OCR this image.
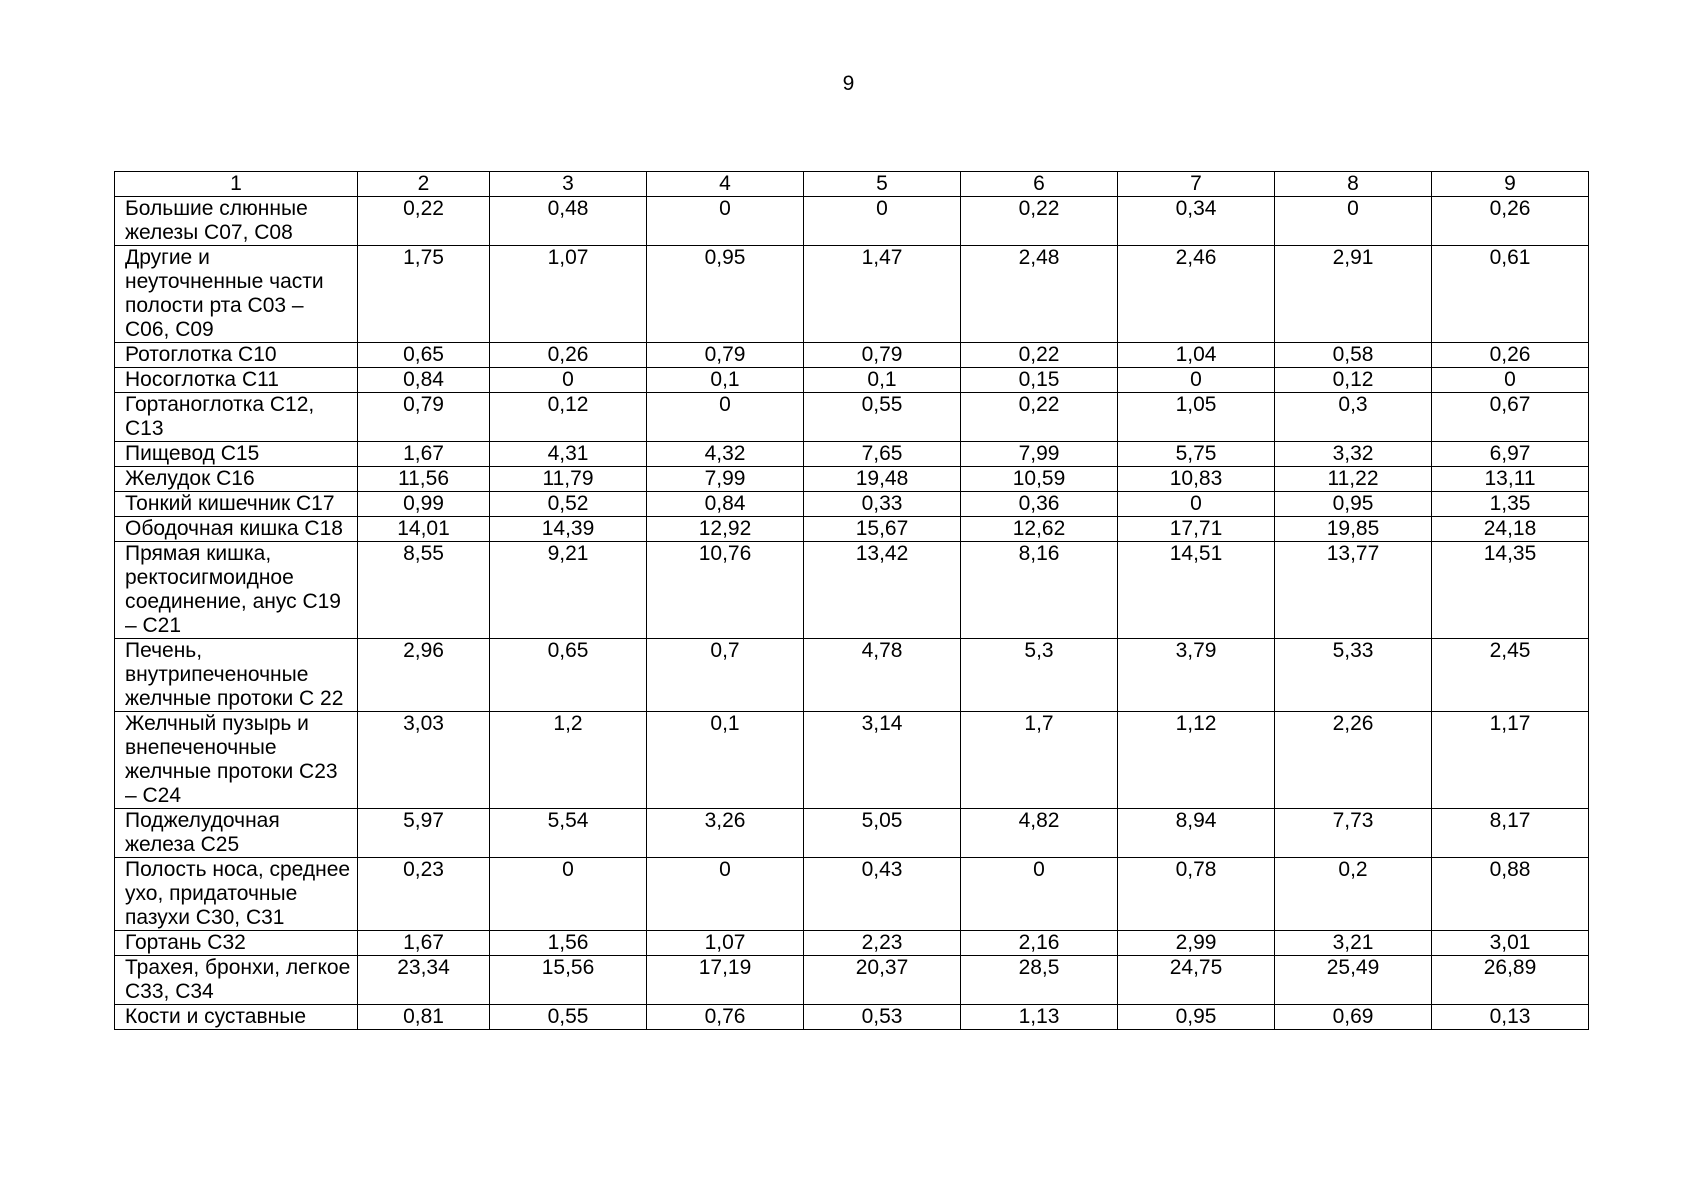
9
1	2	3	4	5	6	7	8	9
Большие слюнные железы С07, С08	0,22	0,48	0	0	0,22	0,34	0	0,26
Другие и неуточненные части полости рта С03 – С06, С09	1,75	1,07	0,95	1,47	2,48	2,46	2,91	0,61
Ротоглотка С10	0,65	0,26	0,79	0,79	0,22	1,04	0,58	0,26
Носоглотка С11	0,84	0	0,1	0,1	0,15	0	0,12	0
Гортаноглотка С12, С13	0,79	0,12	0	0,55	0,22	1,05	0,3	0,67
Пищевод С15	1,67	4,31	4,32	7,65	7,99	5,75	3,32	6,97
Желудок С16	11,56	11,79	7,99	19,48	10,59	10,83	11,22	13,11
Тонкий кишечник С17	0,99	0,52	0,84	0,33	0,36	0	0,95	1,35
Ободочная кишка С18	14,01	14,39	12,92	15,67	12,62	17,71	19,85	24,18
Прямая кишка, ректосигмоидное соединение, анус С19 – С21	8,55	9,21	10,76	13,42	8,16	14,51	13,77	14,35
Печень, внутрипеченочные желчные протоки С 22	2,96	0,65	0,7	4,78	5,3	3,79	5,33	2,45
Желчный пузырь и внепеченочные желчные протоки С23 – С24	3,03	1,2	0,1	3,14	1,7	1,12	2,26	1,17
Поджелудочная железа С25	5,97	5,54	3,26	5,05	4,82	8,94	7,73	8,17
Полость носа, среднее ухо, придаточные пазухи С30, С31	0,23	0	0	0,43	0	0,78	0,2	0,88
Гортань С32	1,67	1,56	1,07	2,23	2,16	2,99	3,21	3,01
Трахея, бронхи, легкое С33, С34	23,34	15,56	17,19	20,37	28,5	24,75	25,49	26,89
Кости и суставные	0,81	0,55	0,76	0,53	1,13	0,95	0,69	0,13
